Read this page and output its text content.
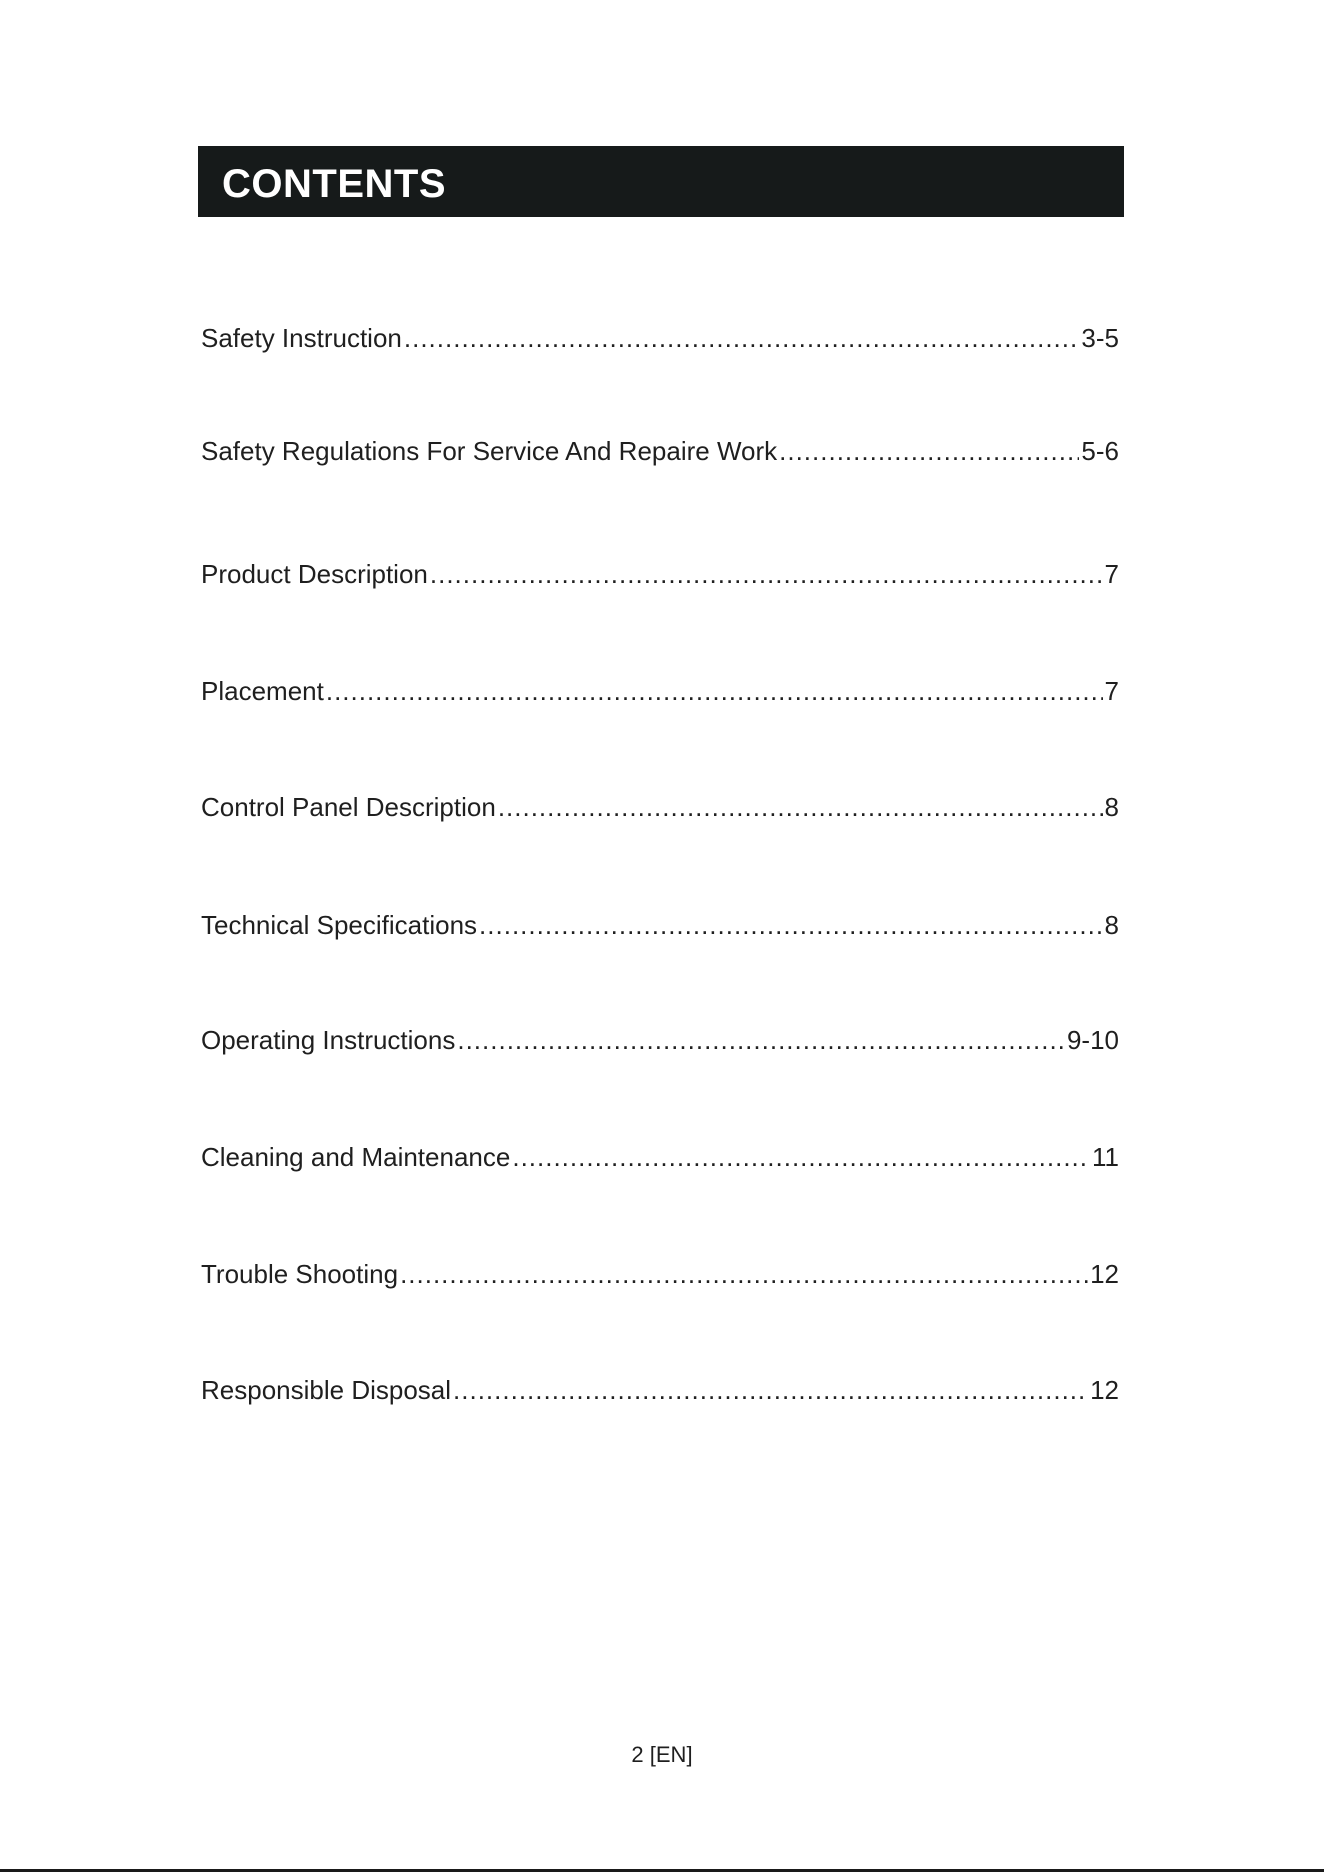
CONTENTS
Safety Instruction .....	3-5
Safety Regulations For Service And Repaire Work .....	5-6
Product Description .....	7
Placement .....	7
Control Panel Description .....	8
Technical Specifications .....	8
Operating Instructions .....	9-10
Cleaning and Maintenance .....	11
Trouble Shooting .....	12
Responsible Disposal .....	12
2 [EN]
